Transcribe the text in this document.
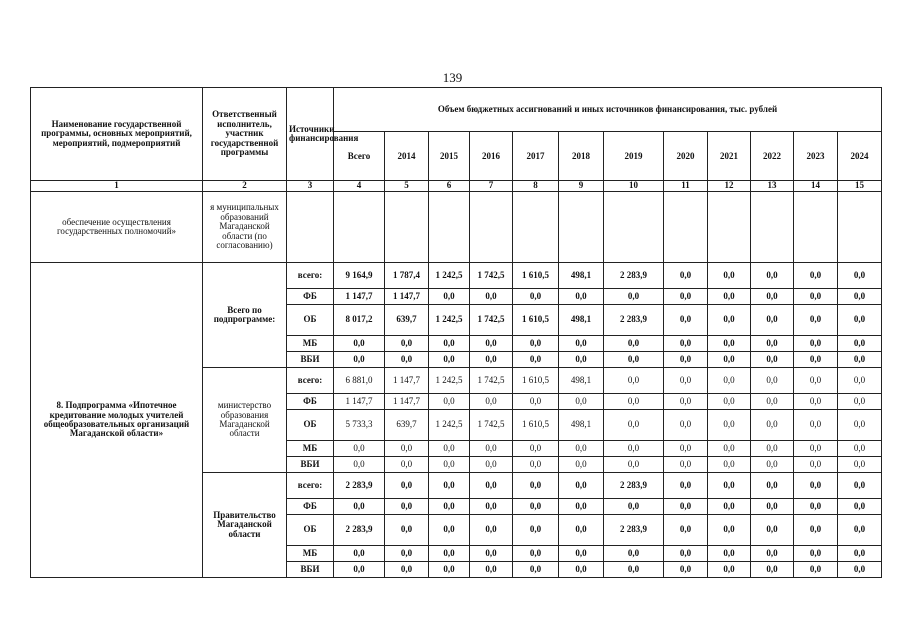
139
Наименование государственной программы, основных мероприятий, мероприятий, подмероприятий	Ответственный исполнитель, участник государственной программы	Источники финансирования	Объем бюджетных ассигнований и иных источников финансирования, тыс. рублей											
			Всего	2014	2015	2016	2017	2018	2019	2020	2021	2022	2023	2024
1	2	3	4	5	6	7	8	9	10	11	12	13	14	15
обеспечение осуществления государственных полномочий»	я муниципальных образований Магаданской области (по согласованию)													
8. Подпрограмма «Ипотечное кредитование молодых учителей общеобразовательных организаций Магаданской области»	Всего по подпрограмме:	всего:	9 164,9	1 787,4	1 242,5	1 742,5	1 610,5	498,1	2 283,9	0,0	0,0	0,0	0,0	0,0
		ФБ	1 147,7	1 147,7	0,0	0,0	0,0	0,0	0,0	0,0	0,0	0,0	0,0	0,0
		ОБ	8 017,2	639,7	1 242,5	1 742,5	1 610,5	498,1	2 283,9	0,0	0,0	0,0	0,0	0,0
		МБ	0,0	0,0	0,0	0,0	0,0	0,0	0,0	0,0	0,0	0,0	0,0	0,0
		ВБИ	0,0	0,0	0,0	0,0	0,0	0,0	0,0	0,0	0,0	0,0	0,0	0,0
	министерство образования Магаданской области	всего:	6 881,0	1 147,7	1 242,5	1 742,5	1 610,5	498,1	0,0	0,0	0,0	0,0	0,0	0,0
		ФБ	1 147,7	1 147,7	0,0	0,0	0,0	0,0	0,0	0,0	0,0	0,0	0,0	0,0
		ОБ	5 733,3	639,7	1 242,5	1 742,5	1 610,5	498,1	0,0	0,0	0,0	0,0	0,0	0,0
		МБ	0,0	0,0	0,0	0,0	0,0	0,0	0,0	0,0	0,0	0,0	0,0	0,0
		ВБИ	0,0	0,0	0,0	0,0	0,0	0,0	0,0	0,0	0,0	0,0	0,0	0,0
	Правительство Магаданской области	всего:	2 283,9	0,0	0,0	0,0	0,0	0,0	2 283,9	0,0	0,0	0,0	0,0	0,0
		ФБ	0,0	0,0	0,0	0,0	0,0	0,0	0,0	0,0	0,0	0,0	0,0	0,0
		ОБ	2 283,9	0,0	0,0	0,0	0,0	0,0	2 283,9	0,0	0,0	0,0	0,0	0,0
		МБ	0,0	0,0	0,0	0,0	0,0	0,0	0,0	0,0	0,0	0,0	0,0	0,0
		ВБИ	0,0	0,0	0,0	0,0	0,0	0,0	0,0	0,0	0,0	0,0	0,0	0,0
